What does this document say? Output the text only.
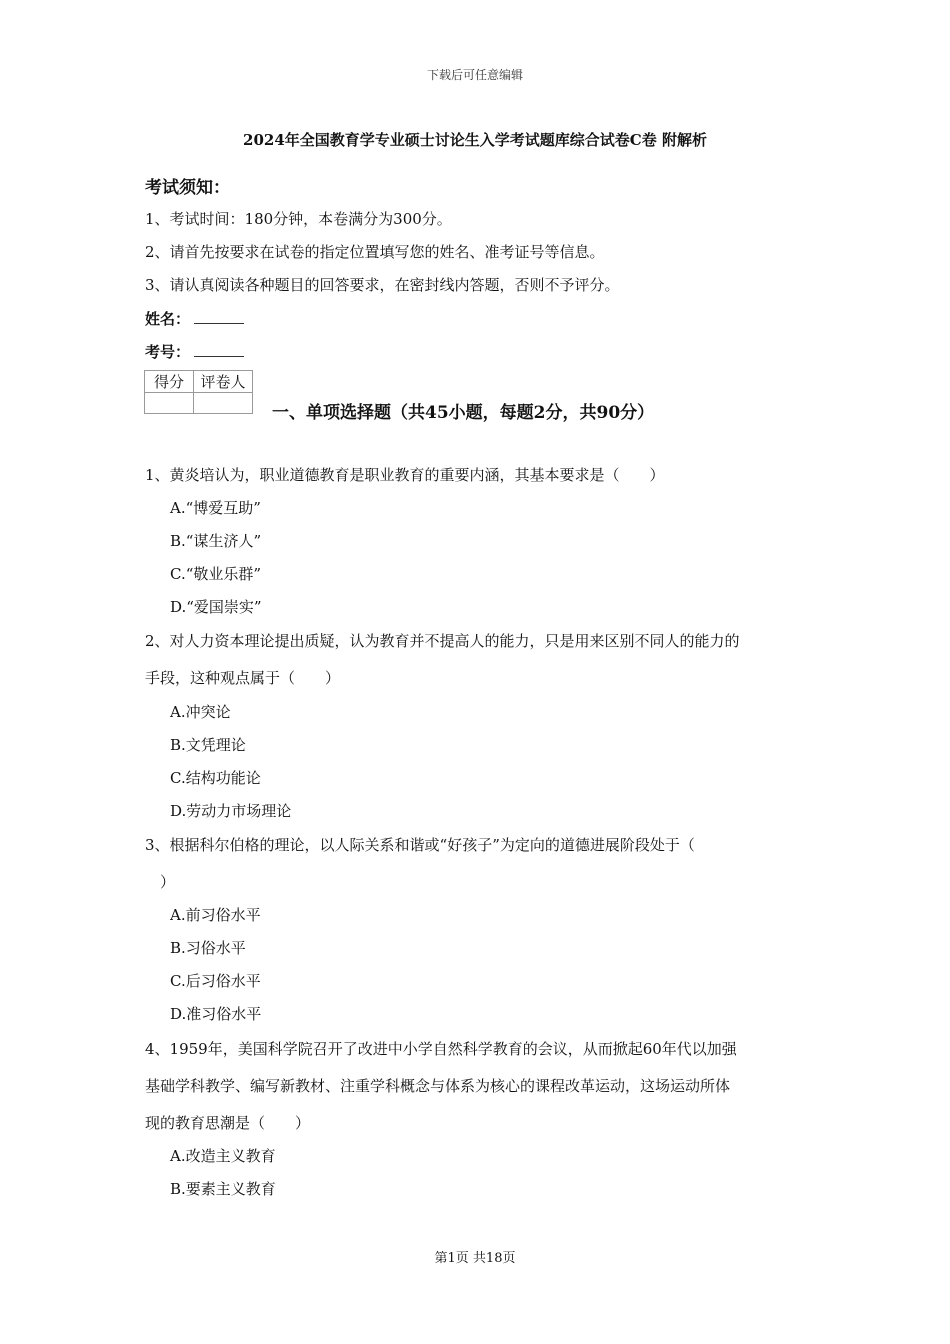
下载后可任意编辑
2024年全国教育学专业硕士讨论生入学考试题库综合试卷C卷 附解析
考试须知：
1、考试时间：180分钟，本卷满分为300分。
2、请首先按要求在试卷的指定位置填写您的姓名、准考证号等信息。
3、请认真阅读各种题目的回答要求，在密封线内答题，否则不予评分。
姓名：
考号：
得分	评卷人

一、单项选择题（共45小题，每题2分，共90分）
1、黄炎培认为，职业道德教育是职业教育的重要内涵，其基本要求是（　　）
A.“博爱互助”
B.“谋生济人”
C.“敬业乐群”
D.“爱国崇实”
2、对人力资本理论提出质疑，认为教育并不提高人的能力，只是用来区别不同人的能力的
手段，这种观点属于（　　）
A.冲突论
B.文凭理论
C.结构功能论
D.劳动力市场理论
3、根据科尔伯格的理论，以人际关系和谐或“好孩子”为定向的道德进展阶段处于（
　）
A.前习俗水平
B.习俗水平
C.后习俗水平
D.准习俗水平
4、1959年，美国科学院召开了改进中小学自然科学教育的会议，从而掀起60年代以加强
基础学科教学、编写新教材、注重学科概念与体系为核心的课程改革运动，这场运动所体
现的教育思潮是（　　）
A.改造主义教育
B.要素主义教育
第1页 共18页
